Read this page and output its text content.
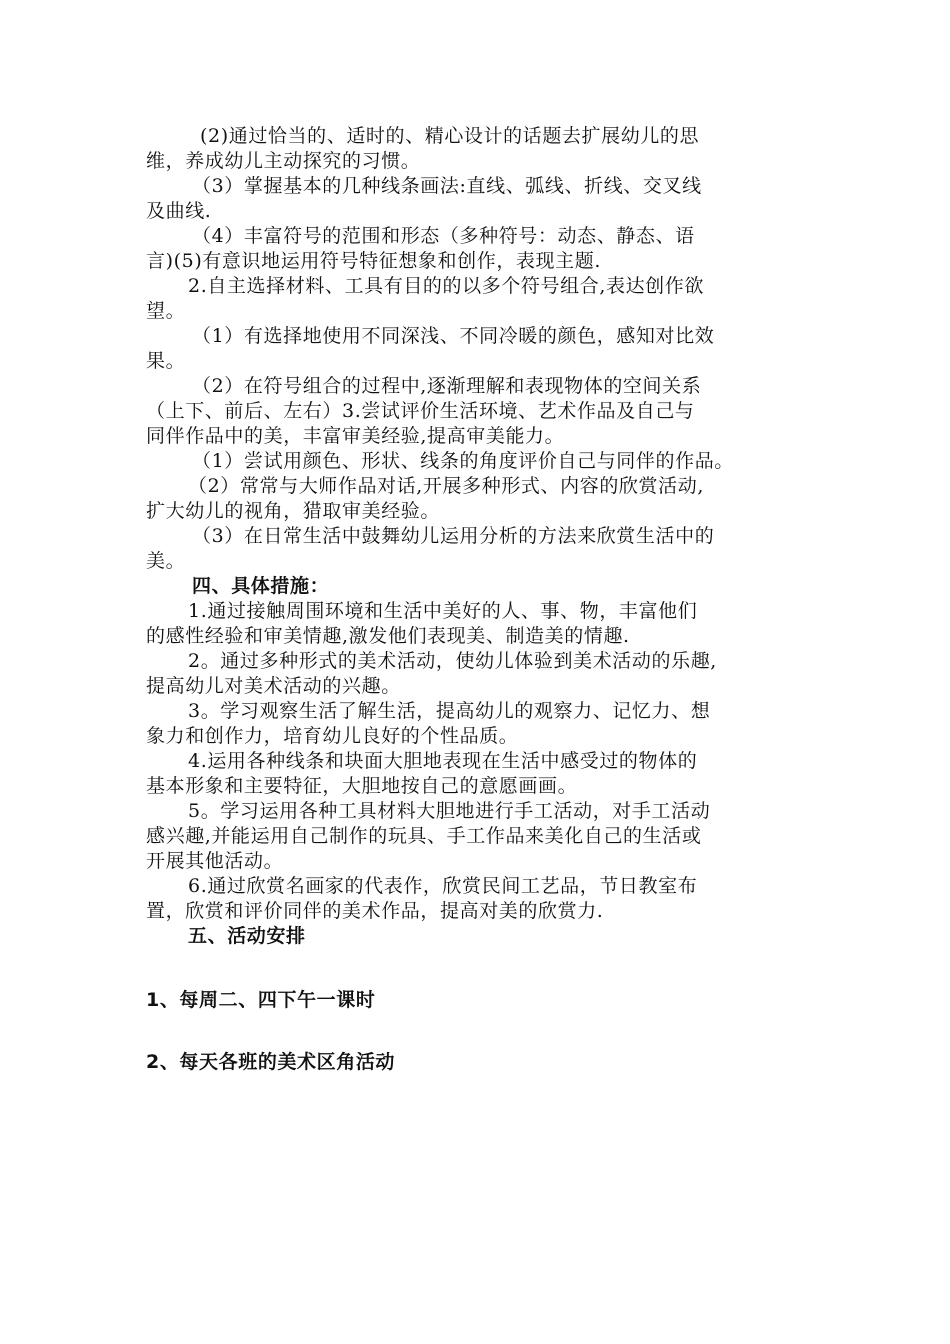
(2)通过恰当的、适时的、精心设计的话题去扩展幼儿的思
维，养成幼儿主动探究的习惯。
（3）掌握基本的几种线条画法:直线、弧线、折线、交叉线
及曲线.
（4）丰富符号的范围和形态（多种符号：动态、静态、语
言)(5)有意识地运用符号特征想象和创作，表现主题.
2.自主选择材料、工具有目的的以多个符号组合,表达创作欲
望。
（1）有选择地使用不同深浅、不同冷暖的颜色，感知对比效
果。
（2）在符号组合的过程中,逐渐理解和表现物体的空间关系
（上下、前后、左右）3.尝试评价生活环境、艺术作品及自己与
同伴作品中的美，丰富审美经验,提高审美能力。
（1）尝试用颜色、形状、线条的角度评价自己与同伴的作品。
（2）常常与大师作品对话,开展多种形式、内容的欣赏活动,
扩大幼儿的视角，猎取审美经验。
（3）在日常生活中鼓舞幼儿运用分析的方法来欣赏生活中的
美。
四、具体措施：
1.通过接触周围环境和生活中美好的人、事、物，丰富他们
的感性经验和审美情趣,激发他们表现美、制造美的情趣.
2。通过多种形式的美术活动，使幼儿体验到美术活动的乐趣,
提高幼儿对美术活动的兴趣。
3。学习观察生活了解生活，提高幼儿的观察力、记忆力、想
象力和创作力，培育幼儿良好的个性品质。
4.运用各种线条和块面大胆地表现在生活中感受过的物体的
基本形象和主要特征，大胆地按自己的意愿画画。
5。学习运用各种工具材料大胆地进行手工活动，对手工活动
感兴趣,并能运用自己制作的玩具、手工作品来美化自己的生活或
开展其他活动。
6.通过欣赏名画家的代表作，欣赏民间工艺品，节日教室布
置，欣赏和评价同伴的美术作品，提高对美的欣赏力.
五、活动安排
1、每周二、四下午一课时
2、每天各班的美术区角活动
